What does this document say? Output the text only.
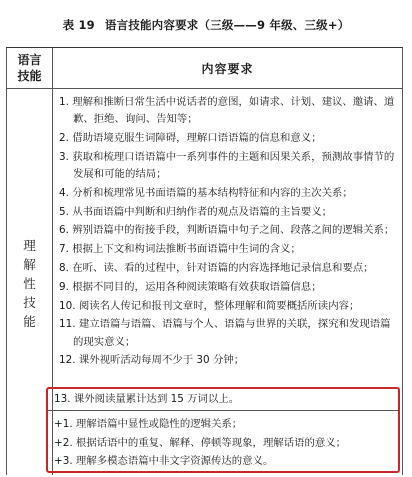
表 19 语言技能内容要求（三级——9 年级、三级+）
语言
技能	内容要求
理
解
性
技
能
1. 理解和推断日常生活中说话者的意图，如请求、计划、建议、邀请、道歉、拒绝、询问、告知等；
2. 借助语境克服生词障碍，理解口语语篇的信息和意义；
3. 获取和梳理口语语篇中一系列事件的主题和因果关系，预测故事情节的发展和可能的结局；
4. 分析和梳理常见书面语篇的基本结构特征和内容的主次关系；
5. 从书面语篇中判断和归纳作者的观点及语篇的主旨要义；
6. 辨别语篇中的衔接手段，判断语篇中句子之间、段落之间的逻辑关系；
7. 根据上下文和构词法推断书面语篇中生词的含义；
8. 在听、读、看的过程中，针对语篇的内容选择地记录信息和要点；
9. 根据不同目的，运用各种阅读策略有效获取语篇信息；
10. 阅读名人传记和报刊文章时，整体理解和简要概括所读内容；
11. 建立语篇与语篇、语篇与个人、语篇与世界的关联，探究和发现语篇的现实意义；
12. 课外视听活动每周不少于 30 分钟；
13. 课外阅读量累计达到 15 万词以上。
+1. 理解语篇中显性或隐性的逻辑关系；
+2. 根据话语中的重复、解释、停顿等现象，理解话语的意义；
+3. 理解多模态语篇中非文字资源传达的意义。
